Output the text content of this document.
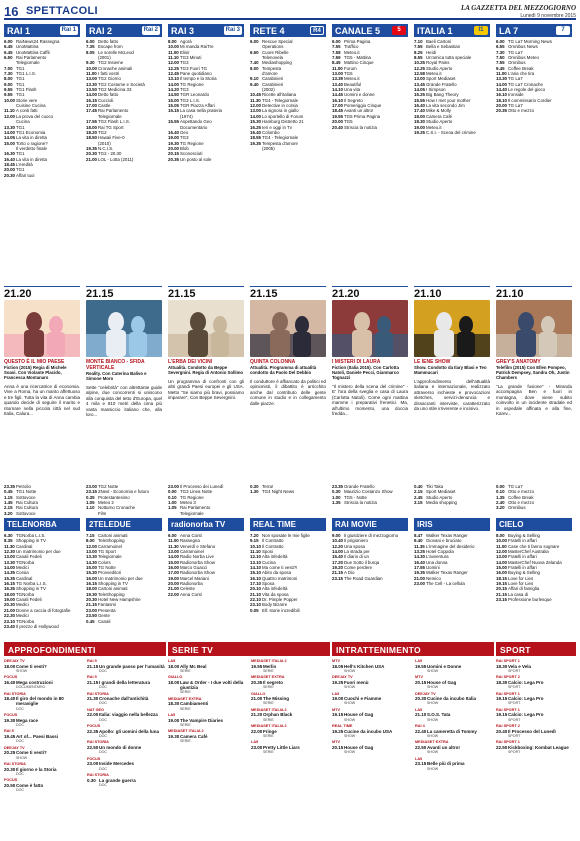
16 SPETTACOLI	LA GAZZETTA DEL MEZZOGIORNO
Lunedì 9 novembre 2015
RAI 1	Rai 1
6.00 RaiNews24 Rassegna
6.45 UnoMattina
6.45 UnoMattina Caffè
6.50 Rai Parlamento
Telegiornale
7.00 TG1
7.30 TG1 L.I.S.
8.00 TG1
9.00 TG1
9.55 TG1 Flash
9.55 TG1
10.00 Storie vere
Cuisine Cucina
11.10 A conti fatti
12.00 La prova del cuoco
Cucina
13.30 TG1
14.00 TG1 Economia
14.05 La vita in diretta
15.00 Torto o ragione?
Il verdetto finale
16.30 TG1
16.40 La vita in diretta
18.45 L'eredità
20.00 TG1
20.30 Affari tuoi
RAI 2	Rai 2
6.00 Detto fatto
7.35 Escape from
8.05 Le sorelle McLeod
(2001)
9.30 TG2 Insieme
10.00 Cronache animali
11.00 I fatti vostri
13.00 TG2 Giorno
13.30 TG2 Costume e Società
13.50 TG2 Medicina 33
14.00 Detto fatto
16.15 Cuccioli
17.00 Castle
17.45 Rai Parlamento
Telegiornale
17.55 TG2 Flash L.I.S.
18.00 Rai TG Sport
18.20 TG2
18.50 Hawaii Five-0
(2010)
19.35 N.C.I.S.
20.30 TG2 - 20.30
21.00 LOL - Lotta (2011)
RAI 3	Rai 3
8.00 Agorà
10.00 Mi manda RaiTre
11.00 Elisir
11.10 TG3 Minuti
12.00 TG3
12.25 TG3 Fuori TG
12.45 Pane quotidiano
13.10 Il tempo e la Storia
14.00 TG Regione
14.20 TG3
14.50 TGR Leonardo
15.00 TG3 L.I.S.
15.05 TGR Piazza Affari
15.15 La casa nella prateria
(1974)
15.55 Aspettando Geo
Documentario
16.40 Geo
19.00 TG3
19.30 TG Regione
20.00 Blob
20.15 Sconosciuti
20.35 Un posto al sole
RETE 4	R4
6.00 Rescue Special
Operations
6.50 Cuore Ribelle
Telenovela
7.40 Mediashopping
8.00 Tempesta
d'amore
9.10 Carabinieri
9.40 Carabinieri
(2002)
10.45 Ricette all'italiana
11.30 TG4 - Telegiornale
12.00 Detective in corsia
13.00 La signora in giallo
14.00 Lo sportello di Forum
15.30 Hamburg Distretto 21
16.25 Ieri e oggi in Tv
16.40 Colombo
18.55 TG4 - Telegiornale
19.35 Tempesta d'amore
(2005)
CANALE 5	5
6.00 Prima Pagina
7.55 Traffico
7.58 Meteo.it
7.59 TG5 - Mattina
8.45 Mattino Cinque
11.00 Forum
13.00 TG5
13.39 Meteo.it
13.40 Beautiful
14.10 Una vita
14.45 Uomini e donne
16.10 Il Segreto
17.00 Pomeriggio Cinque
18.45 Avanti un altro!
19.55 TG5 Prima Pagina
20.00 TG5
20.40 Striscia la notizia
ITALIA 1	I1
7.10 Baeli Cartoni
7.55 Bella e Sebastian
8.25 Heidi
8.55 Un'amica tutta speciale
10.25 Royal Pains
12.25 Studio Aperto
12.58 Meteo.it
13.00 Sport Mediaset
13.45 Grande Fratello
14.05 I Simpson
15.25 Big Bang Theory
15.55 How I met your mother
16.40 La vita secondo Jim
17.40 Mike & Molly
18.00 Camera Café
18.30 Studio Aperto
19.00 Meteo.it
19.25 C.S.I. - Scena del crimine
LA 7	7
6.00 TG La7 Morning News
6.55 Omnibus News
7.30 TG La7
7.50 Omnibus Meteo
7.55 Omnibus
9.45 Coffee Break
11.00 L'aria che tira
13.30 TG La7
14.00 TG La7 Cronache
14.40 Le regole del gioco
16.10 Ironside
18.10 Il commissario Cordier
20.00 TG La7
20.35 Otto e mezzo
21.20
QUESTO È IL MIO PAESE
Fiction (2015) Regia di Michele Soavi. Con Violante Placido, Francesca Montanaro
Anna è una ricercatrice di economia. Vive a Roma, ha un marito affettuoso e tre figli. Tutta la vita di Anna cambia quando decide di seguire il marito e ritornare nella piccola città nel sud Italia, Calura...
21.15
MONTE BIANCO - SFIDA VERTICALE
Reality. Con Caterina Balivo e Simone Moro
Sette "celebrità" con altrettante guide alpine, due concorrenti si uniscono alla conquista del tetto d'Europa, quel 4 mila e 810 metri della cima più vasta massiccio italiano che, alla loro...
21.15
L'ERBA DEI VICINI
Attualità. Condotto da Beppe Severgnini. Regia di Antonio Sollimo
Un programma di confronti con gli altri grandi Paesi europei e gli USA. Metto "Se siamo più bravi, possiamo imparare", Con Beppe Severgnini.
21.15
QUINTA COLONNA
Attualità. Programma di attualità condotto da Paolo Del Debbio
Il conduttore è affiancato da politici ed opinionisti, il dibattito è arricchito anche dal contributo delle gente comune in studio e in collegamento dalle piazze.
21.20
I MISTERI DI LAURA
Fiction (Italia 2015). Con Carlotta Natoli, Daniele Pecci, Gianmarco Tognazzi
"Il mistero della scena del crimine" - E' l'ora della sveglia e casa di Laura (Carlotta Natoli). Come ogni mattina mamme i preparativi frenetici. Ma, all'ultimo momento, una doccia fredda...
21.10
LE IENE SHOW
Show. Condotto da Ilary Blasi e Teo Mammucari
L'approfondimento dell'attualità italiana e internazionale, realizzato attraverso inchieste e provocazioni sketches, servizi-denuncia e dissacranti interviste, caratterizzato da uno stile irriverente e incisivo.
21.10
GREY'S ANATOMY
Telefilm (2015) Con Ellen Pompeo, Patrick Dempsey, Sandra Oh, Justin Chambers
"La grande fusione" - Miranda accompagna Ben e fuori in montagna, dove viene subito coinvolto in un incidente stradale ed in ospedale affinata e alla fine, Karev...
23.35 Petrolio
0.45 TG1 Notte
1.15 Sottovoce
1.45 Rai Cultura
2.15 Rai Cultura
3.20 Sottovoce
23.00 TG2 Notte
23.15 2Next - Economia e futuro
0.35 Protestantesimo
1.05 Meteo 2
1.10 Notturno Cronache
Film
23.00 Il Processo dei Lunedì
0.00 TG3 Linea Notte
0.10 TG Regione
1.00 Meteo 3
1.05 Rai Parlamento
Telegiornale
0.30 Terra!
1.30 TG4 Night News
23.35 Grande Fratello
0.30 Maurizio Costanzo Show
1.00 TG5 - Notte
1.35 Striscia la notizia
0.40 Tiki Taka
2.15 Sport Mediaset
2.45 Studio Aperto
3.15 Media shopping
0.00 TG La7
0.10 Otto e mezzo
1.35 Coffee Break
2.40 Otto e mezzo
3.20 Omnibus
TELENORBA
6.30 TGNorba L.I.S.
8.35 Shopping in TV
11.30 Cardinal
12.30 Un matrimonio per due
13.00 Canali Fedeli
13.30 TGNorba
14.00 Medici
14.35 Corsia
15.35 Cardinal
16.15 TG Norba L.I.S.
16.35 Shopping in TV
18.00 TGNorba
19.00 Canali Fedeli
20.30 Medici
21.00 Donne a caccia di fotografie
22.30 Medici
23.10 TGNorba
23.40 Il prezzo di Hollywood
2TELEDUE
7.15 Cartoni animati
8.00 TeleShopping
12.00 Carramoinel
13.00 TG Sport
13.30 Telegiornale
14.30 Colors
15.00 TG Notte
15.30 Provveditori
16.00 Un matrimonio per due
16.15 Shopping in TV
18.00 Cartoni animati
19.30 TeleShopping
20.30 Hotel New Hampshire
21.15 Fantasmi
23.00 Presenta
23.50 Gente
0.45 Canali
radionorba TV
6.00 Anna Conti
11.00 Rassegna
11.30 Venerdì e Stefano
13.00 Carramoinel
14.00 Radio Norba Live
15.00 Radionorba Show
16.00 Marco Guacci
17.00 Radionorba Show
19.00 Marcel Mariani
20.00 Radionorba
21.00 Celeste
22.00 Anna Conti
REAL TIME
7.20 Non sposate le mie figlie
9.15 Il Contratto
10.10 Il Contratto
11.10 Sposi
12.10 Alta infedeltà
13.10 Cucina
14.10 Ma come ti vesti?!
15.10 Abito da sposa
16.10 Quattro matrimoni
17.10 Sposa
20.10 Alta infedeltà
21.10 Vita da sposa
22.10 Dr. Pimple Popper
23.10 Body Bizarre
0.05 Ell: storie incredibili
RAI MOVIE
9.00 Il giustiziere di mezzogiorno
10.40 Il prigioniero
12.20 Una sposa
14.00 La strada per
15.40 Il diario di un
17.20 Due Sotto il burqa
19.20 Come perdere
21.15 A Dio
23.15 The Road Guardian
IRIS
8.47 Walker Texas Ranger
9.40 Giovani e bruciato
11.35 L'immagine del desiderio
13.25 Hotel Coppola
14.30 L'avventura
16.40 Una donna
17.55 Uomini
19.35 Walker Texas Ranger
21.00 Nemico
23.00 The Cell - La cellula
CIELO
8.00 Buying & Selling
10.00 Fratelli in affari
11.00 Case che ti fanno sognare
12.00 MasterChef Australia
13.00 Fratelli in affari
14.00 MasterChef Nuova Zelanda
15.00 Fratelli in affari
16.00 Buying & Selling
18.15 Love for Lies
19.15 Love for Lies
20.15 Affari di famiglia
21.15 La casa di
23.15 Professione burlesque
APPROFONDIMENTI
DEEJAY TV
18.00 Come ti vesti?
SHOW
FOCUS
16.40 Mega costruzioni
DOCUMENTARIO
RAI STORIA
18.40 Il giro del mondo in 80 meraviglie
DOC
FOCUS
19.30 Mega race
DOC
RAI 5
19.45 Art of... Paesi Bassi
DOC
DEEJAY TV
20.25 Come ti vesti?
SHOW
RAI STORIA
20.30 Il giorno e la Storia
DOC
FOCUS
20.50 Come è fatto
DOC
RAI 5
21.15 Un grande passo per l'umanità
DOC
RAI 5
21.15 I grandi della letteratura
DOC
RAI STORIA
21.30 Cronache dall'antichità
DOC
NAT GEO
22.00 Italia: viaggio nella bellezza
DOC
FOCUS
22.35 Apollo: gli uomini della luna
DOC
RAI STORIA
22.50 Un mondo di donne
DOC
FOCUS
23.00 Inside Mercedes
DOC
RAI STORIA
0.30 La grande guerra
DOC
SERIE TV
LA5
18.00 Ally Mc Beal
SERIE
GIALLO
18.00 Law & Order - I due volti della giustizia
SERIE
MEDIASET EXTRA
18.30 Cambiamenti
SERIE
LA5
19.00 The Vampire Diaries
SERIE
MEDIASET ITALIA 2
19.30 Camera Café
SERIE
MEDIASET ITALIA 2
19.55 Merlin
SERIE
MEDIASET EXTRA
20.35 Il segreto
SERIE
GIALLO
21.00 The Missing
SERIE
MEDIASET ITALIA 2
21.20 Orphan Black
SERIE
MEDIASET ITALIA 2
22.00 Fringe
SERIE
LA5
23.00 Pretty Little Liars
SERIE
INTRATTENIMENTO
MTV
18.05 Hell's Kitchen USA
SHOW
DEEJAY TV
19.25 Fuori menù
SHOW
LA5
19.00 Cuochi e Fiamme
SHOW
MTV
19.15 House of Gag
SHOW
REAL TIME
19.25 Cucine da incubo USA
SHOW
MTV
20.15 House of Gag
SHOW
LA5
19.55 Uomini e Donne
SHOW
MTV
20.15 House of Gag
SHOW
DEEJAY TV
20.30 Cucine da incubo Italia
SHOW
LA5
21.10 S.O.S. Tata
SHOW
RAI 4
22.40 La cameretta di Tommy
SHOW
MEDIASET EXTRA
22.50 Avanti un altro!
SHOW
LA5
23.15 Belle più di prima
SHOW
SPORT
RAI SPORT 1
18.30 Vela e Vela
SPORT
RAI SPORT 2
18.30 Calcio: Lega Pro
SPORT
RAI SPORT 1
19.15 Calcio: Lega Pro
SPORT
RAI SPORT 1
19.15 Calcio: Lega Pro
SPORT
RAI SPORT 2
20.40 Il Processo del Lunedì
SPORT
RAI SPORT 1
22.50 Kickboxing: Kombat League
SPORT
